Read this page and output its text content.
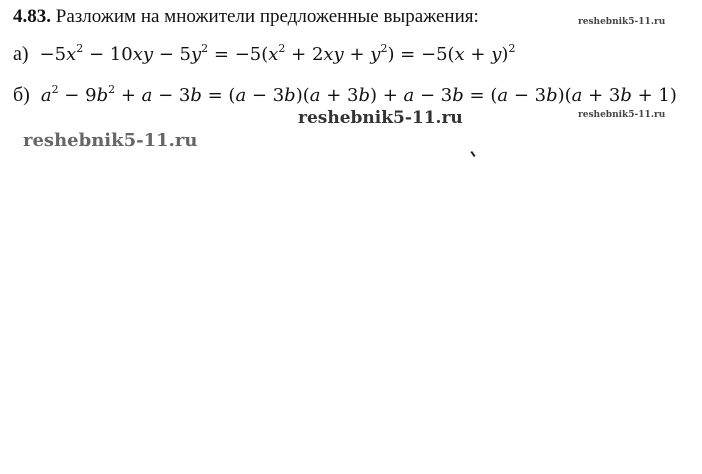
4.83. Разложим на множители предложенные выражения:
$а) -5x^2 - 10xy - 5y^2 = -5(x^2 + 2xy + y^2) = -5(x + y)^2$
б) $a^2 - 9b^2 + a - 3b = (a - 3b)(a + 3b) + a - 3b = (a - 3b)(a + 3b + 1)$
reshebnik5-11.ru
reshebnik5-11.ru
reshebnik5-11.ru
reshebnik5-11.ru
